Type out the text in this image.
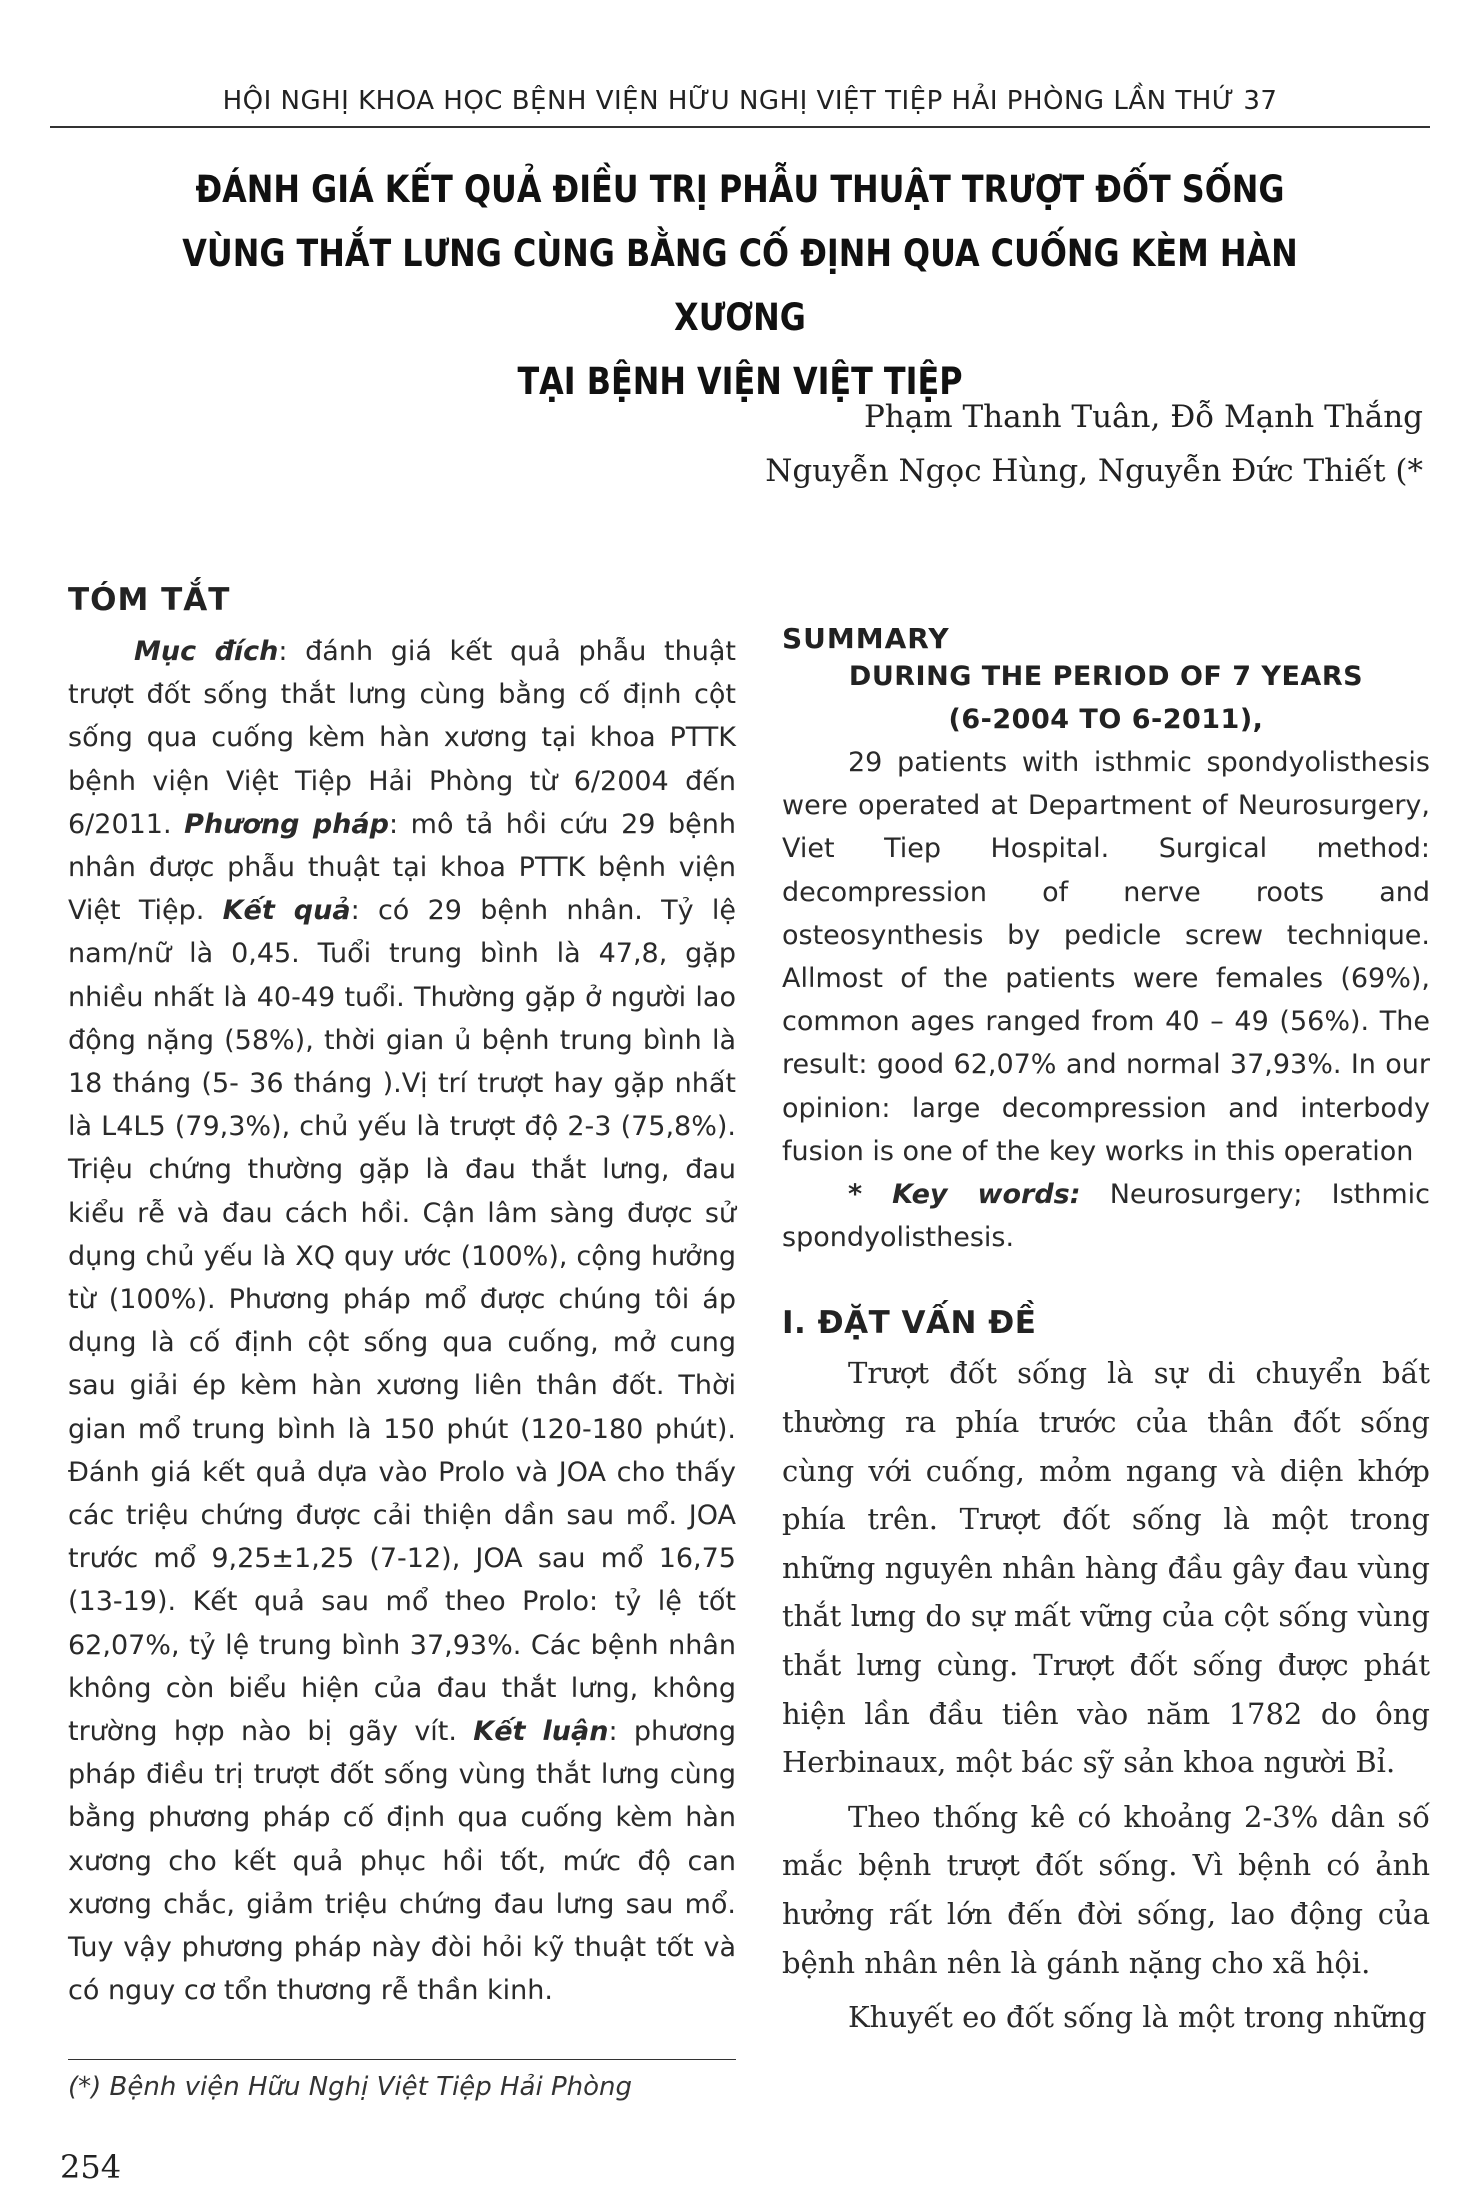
HỘI NGHỊ KHOA HỌC BỆNH VIỆN HỮU NGHỊ VIỆT TIỆP HẢI PHÒNG LẦN THỨ 37
ĐÁNH GIÁ KẾT QUẢ ĐIỀU TRỊ PHẪU THUẬT TRƯỢT ĐỐT SỐNG
VÙNG THẮT LƯNG CÙNG BẰNG CỐ ĐỊNH QUA CUỐNG KÈM HÀN XƯƠNG
TẠI BỆNH VIỆN VIỆT TIỆP
Phạm Thanh Tuân, Đỗ Mạnh Thắng
Nguyễn Ngọc Hùng, Nguyễn Đức Thiết (*
TÓM TẮT

Mục đích: đánh giá kết quả phẫu thuật trượt đốt sống thắt lưng cùng bằng cố định cột sống qua cuống kèm hàn xương tại khoa PTTK bệnh viện Việt Tiệp Hải Phòng từ 6/2004 đến 6/2011. Phương pháp: mô tả hồi cứu 29 bệnh nhân được phẫu thuật tại khoa PTTK bệnh viện Việt Tiệp. Kết quả: có 29 bệnh nhân. Tỷ lệ nam/nữ là 0,45. Tuổi trung bình là 47,8, gặp nhiều nhất là 40-49 tuổi. Thường gặp ở người lao động nặng (58%), thời gian ủ bệnh trung bình là 18 tháng (5- 36 tháng ).Vị trí trượt hay gặp nhất là L4L5 (79,3%), chủ yếu là trượt độ 2-3 (75,8%). Triệu chứng thường gặp là đau thắt lưng, đau kiểu rễ và đau cách hồi. Cận lâm sàng được sử dụng chủ yếu là XQ quy ước (100%), cộng hưởng từ (100%). Phương pháp mổ được chúng tôi áp dụng là cố định cột sống qua cuống, mở cung sau giải ép kèm hàn xương liên thân đốt. Thời gian mổ trung bình là 150 phút (120-180 phút). Đánh giá kết quả dựa vào Prolo và JOA cho thấy các triệu chứng được cải thiện dần sau mổ. JOA trước mổ 9,25±1,25 (7-12), JOA sau mổ 16,75 (13-19). Kết quả sau mổ theo Prolo: tỷ lệ tốt 62,07%, tỷ lệ trung bình 37,93%. Các bệnh nhân không còn biểu hiện của đau thắt lưng, không trường hợp nào bị gãy vít. Kết luận: phương pháp điều trị trượt đốt sống vùng thắt lưng cùng bằng phương pháp cố định qua cuống kèm hàn xương cho kết quả phục hồi tốt, mức độ can xương chắc, giảm triệu chứng đau lưng sau mổ. Tuy vậy phương pháp này đòi hỏi kỹ thuật tốt và có nguy cơ tổn thương rễ thần kinh.

SUMMARY
DURING THE PERIOD OF 7 YEARS
(6-2004 TO 6-2011),

29 patients with isthmic spondyolisthesis were operated at Department of Neurosurgery, Viet Tiep Hospital. Surgical method: decompression of nerve roots and osteosynthesis by pedicle screw technique. Allmost of the patients were females (69%), common ages ranged from 40 – 49 (56%). The result: good 62,07% and normal 37,93%. In our opinion: large decompression and interbody fusion is one of the key works in this operation

* Key words: Neurosurgery; Isthmic spondyolisthesis.

I. ĐẶT VẤN ĐỀ

Trượt đốt sống là sự di chuyển bất thường ra phía trước của thân đốt sống cùng với cuống, mỏm ngang và diện khớp phía trên. Trượt đốt sống là một trong những nguyên nhân hàng đầu gây đau vùng thắt lưng do sự mất vững của cột sống vùng thắt lưng cùng. Trượt đốt sống được phát hiện lần đầu tiên vào năm 1782 do ông Herbinaux, một bác sỹ sản khoa người Bỉ.

Theo thống kê có khoảng 2-3% dân số mắc bệnh trượt đốt sống. Vì bệnh có ảnh hưởng rất lớn đến đời sống, lao động của bệnh nhân nên là gánh nặng cho xã hội.

Khuyết eo đốt sống là một trong những

(*) Bệnh viện Hữu Nghị Việt Tiệp Hải Phòng
254
